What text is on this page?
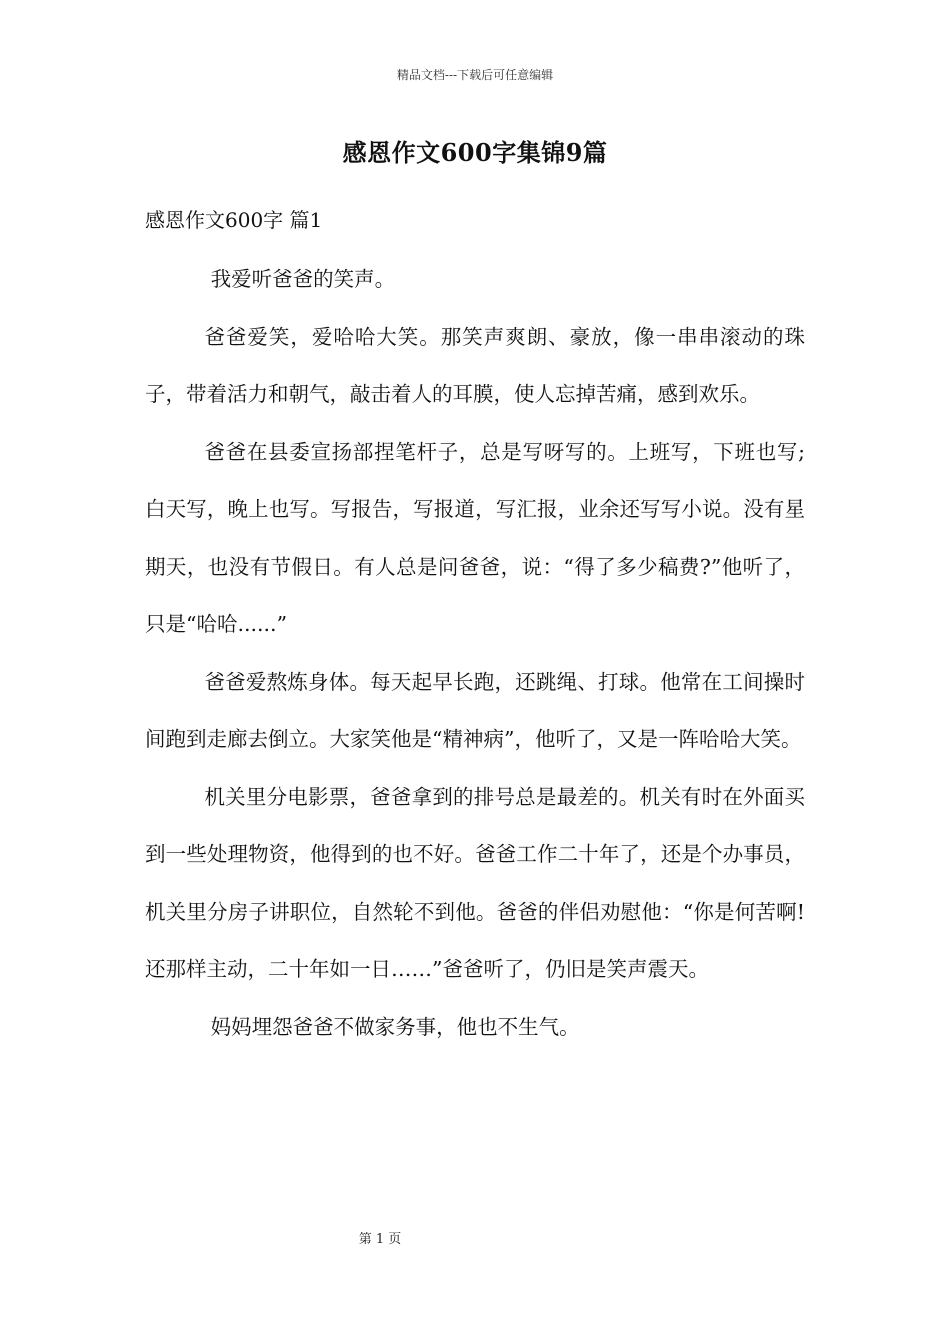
精品文档---下载后可任意编辑
感恩作文600字集锦9篇
感恩作文600字 篇1

我爱听爸爸的笑声。

爸爸爱笑，爱哈哈大笑。那笑声爽朗、豪放，像一串串滚动的珠子，带着活力和朝气，敲击着人的耳膜，使人忘掉苦痛，感到欢乐。

爸爸在县委宣扬部捏笔杆子，总是写呀写的。上班写，下班也写;白天写，晚上也写。写报告，写报道，写汇报，业余还写写小说。没有星期天，也没有节假日。有人总是问爸爸，说：“得了多少稿费?”他听了，只是“哈哈......”

爸爸爱熬炼身体。每天起早长跑，还跳绳、打球。他常在工间操时间跑到走廊去倒立。大家笑他是“精神病”，他听了，又是一阵哈哈大笑。

机关里分电影票，爸爸拿到的排号总是最差的。机关有时在外面买到一些处理物资，他得到的也不好。爸爸工作二十年了，还是个办事员，机关里分房子讲职位，自然轮不到他。爸爸的伴侣劝慰他：“你是何苦啊!还那样主动，二十年如一日……”爸爸听了，仍旧是笑声震天。

妈妈埋怨爸爸不做家务事，他也不生气。

第 1 页
